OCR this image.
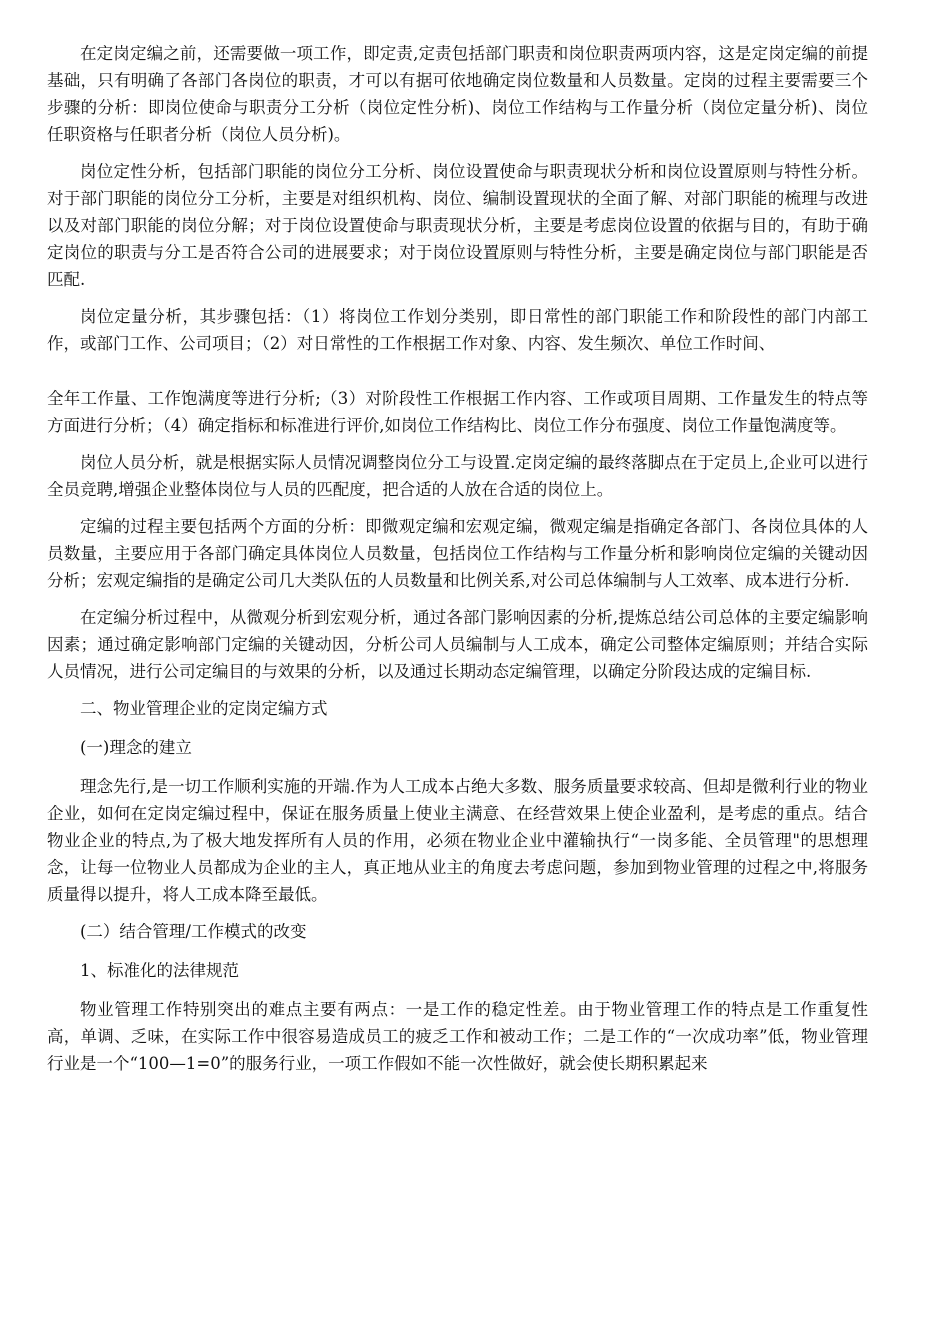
在定岗定编之前，还需要做一项工作，即定责,定责包括部门职责和岗位职责两项内容，这是定岗定编的前提基础，只有明确了各部门各岗位的职责，才可以有据可依地确定岗位数量和人员数量。定岗的过程主要需要三个步骤的分析：即岗位使命与职责分工分析（岗位定性分析)、岗位工作结构与工作量分析（岗位定量分析)、岗位任职资格与任职者分析（岗位人员分析)。

岗位定性分析，包括部门职能的岗位分工分析、岗位设置使命与职责现状分析和岗位设置原则与特性分析。对于部门职能的岗位分工分析，主要是对组织机构、岗位、编制设置现状的全面了解、对部门职能的梳理与改进以及对部门职能的岗位分解；对于岗位设置使命与职责现状分析，主要是考虑岗位设置的依据与目的，有助于确定岗位的职责与分工是否符合公司的进展要求；对于岗位设置原则与特性分析，主要是确定岗位与部门职能是否匹配.

岗位定量分析，其步骤包括：（1）将岗位工作划分类别，即日常性的部门职能工作和阶段性的部门内部工作，或部门工作、公司项目；（2）对日常性的工作根据工作对象、内容、发生频次、单位工作时间、

全年工作量、工作饱满度等进行分析;（3）对阶段性工作根据工作内容、工作或项目周期、工作量发生的特点等方面进行分析；（4）确定指标和标准进行评价,如岗位工作结构比、岗位工作分布强度、岗位工作量饱满度等。

岗位人员分析，就是根据实际人员情况调整岗位分工与设置.定岗定编的最终落脚点在于定员上,企业可以进行全员竞聘,增强企业整体岗位与人员的匹配度，把合适的人放在合适的岗位上。

定编的过程主要包括两个方面的分析：即微观定编和宏观定编，微观定编是指确定各部门、各岗位具体的人员数量，主要应用于各部门确定具体岗位人员数量，包括岗位工作结构与工作量分析和影响岗位定编的关键动因分析；宏观定编指的是确定公司几大类队伍的人员数量和比例关系,对公司总体编制与人工效率、成本进行分析.

在定编分析过程中，从微观分析到宏观分析，通过各部门影响因素的分析,提炼总结公司总体的主要定编影响因素；通过确定影响部门定编的关键动因，分析公司人员编制与人工成本，确定公司整体定编原则；并结合实际人员情况，进行公司定编目的与效果的分析，以及通过长期动态定编管理，以确定分阶段达成的定编目标.

二、物业管理企业的定岗定编方式

(一)理念的建立

理念先行,是一切工作顺利实施的开端.作为人工成本占绝大多数、服务质量要求较高、但却是微利行业的物业企业，如何在定岗定编过程中，保证在服务质量上使业主满意、在经营效果上使企业盈利，是考虑的重点。结合物业企业的特点,为了极大地发挥所有人员的作用，必须在物业企业中灌输执行“一岗多能、全员管理"的思想理念，让每一位物业人员都成为企业的主人，真正地从业主的角度去考虑问题，参加到物业管理的过程之中,将服务质量得以提升，将人工成本降至最低。

(二）结合管理/工作模式的改变

1、标准化的法律规范

物业管理工作特别突出的难点主要有两点：一是工作的稳定性差。由于物业管理工作的特点是工作重复性高，单调、乏味，在实际工作中很容易造成员工的疲乏工作和被动工作；二是工作的“一次成功率”低，物业管理行业是一个“100—1=0”的服务行业，一项工作假如不能一次性做好，就会使长期积累起来
